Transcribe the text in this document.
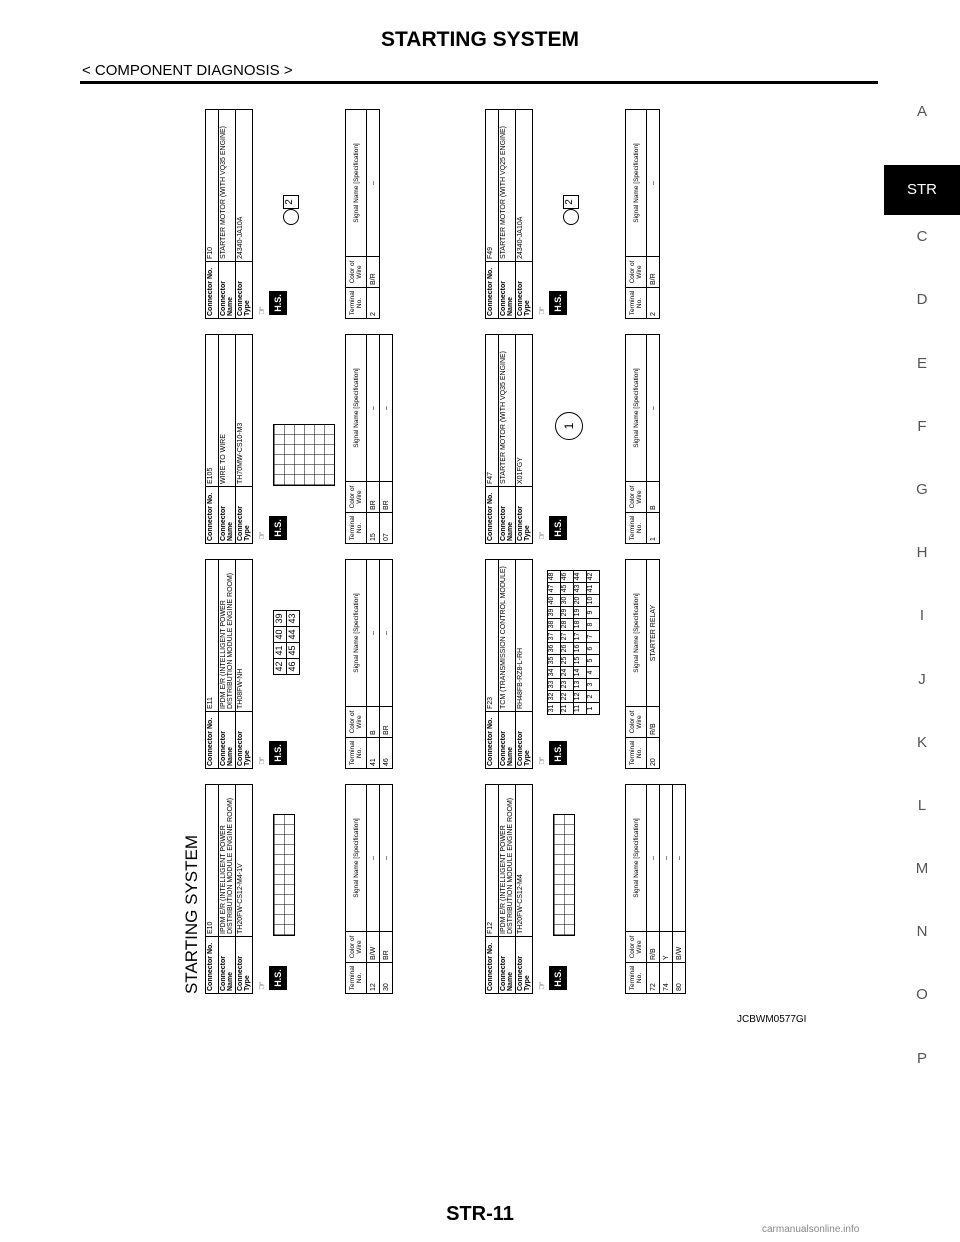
STARTING SYSTEM
< COMPONENT DIAGNOSIS >
A
STR
C
D
E
F
G
H
I
J
K
L
M
N
O
P
STARTING SYSTEM Connector No.	E10
Connector Name	IPDM E/R (INTELLIGENT POWER DISTRIBUTION MODULE ENGINE ROOM)
Connector Type	TH20FW-CS12-M4-1V
☞ H.S.	Terminal No.	Color of Wire	Signal Name [Specification]
12	B/W	–
30	BR	–
Connector No.	E11
Connector Name	IPDM E/R (INTELLIGENT POWER DISTRIBUTION MODULE ENGINE ROOM)
Connector Type	TH08FW-NH
☞ H.S.
42
41
40
39
46
45
44
43
Terminal No.	Color of Wire	Signal Name [Specification]
41	B	–
46	BR	–
Connector No.	E105
Connector Name	WIRE TO WIRE
Connector Type	TH70MW-CS10-M3
☞ H.S.	Terminal No.	Color of Wire	Signal Name [Specification]
15	BR	–
07	BR	–
Connector No.	F10
Connector Name	STARTER MOTOR (WITH VQ35 ENGINE)
Connector Type	24340-JA10A
☞ H.S.
2
Terminal No.	Color of Wire	Signal Name [Specification]
2	B/R	–
Connector No.	F12
Connector Name	IPDM E/R (INTELLIGENT POWER DISTRIBUTION MODULE ENGINE ROOM)
Connector Type	TH20FW-CS12-M4
☞ H.S.	Terminal No.	Color of Wire	Signal Name [Specification]
72	R/B	–
74	Y	–
80	B/W	–
Connector No.	F23
Connector Name	TCM (TRANSMISSION CONTROL MODULE)
Connector Type	RH48FB-RZ8-L-RH
☞ H.S.
31
32
33
34
35
36
37
38
39
40
47
48
21
22
23
24
25
26
27
28
29
30
45
46
11
12
13
14
15
16
17
18
19
20
43
44
1
2
3
4
5
6
7
8
9
10
41
42
Terminal No.	Color of Wire	Signal Name [Specification]
20	R/B	STARTER RELAY
Connector No.	F47
Connector Name	STARTER MOTOR (WITH VQ35 ENGINE)
Connector Type	X01FGY
☞ H.S.
1
Terminal No.	Color of Wire	Signal Name [Specification]
1	B	–
Connector No.	F49
Connector Name	STARTER MOTOR (WITH VQ25 ENGINE)
Connector Type	24340-JA10A
☞ H.S.
2
Terminal No.	Color of Wire	Signal Name [Specification]
2	B/R	–
JCBWM0577GI
STR-11
carmanualsonline.info
